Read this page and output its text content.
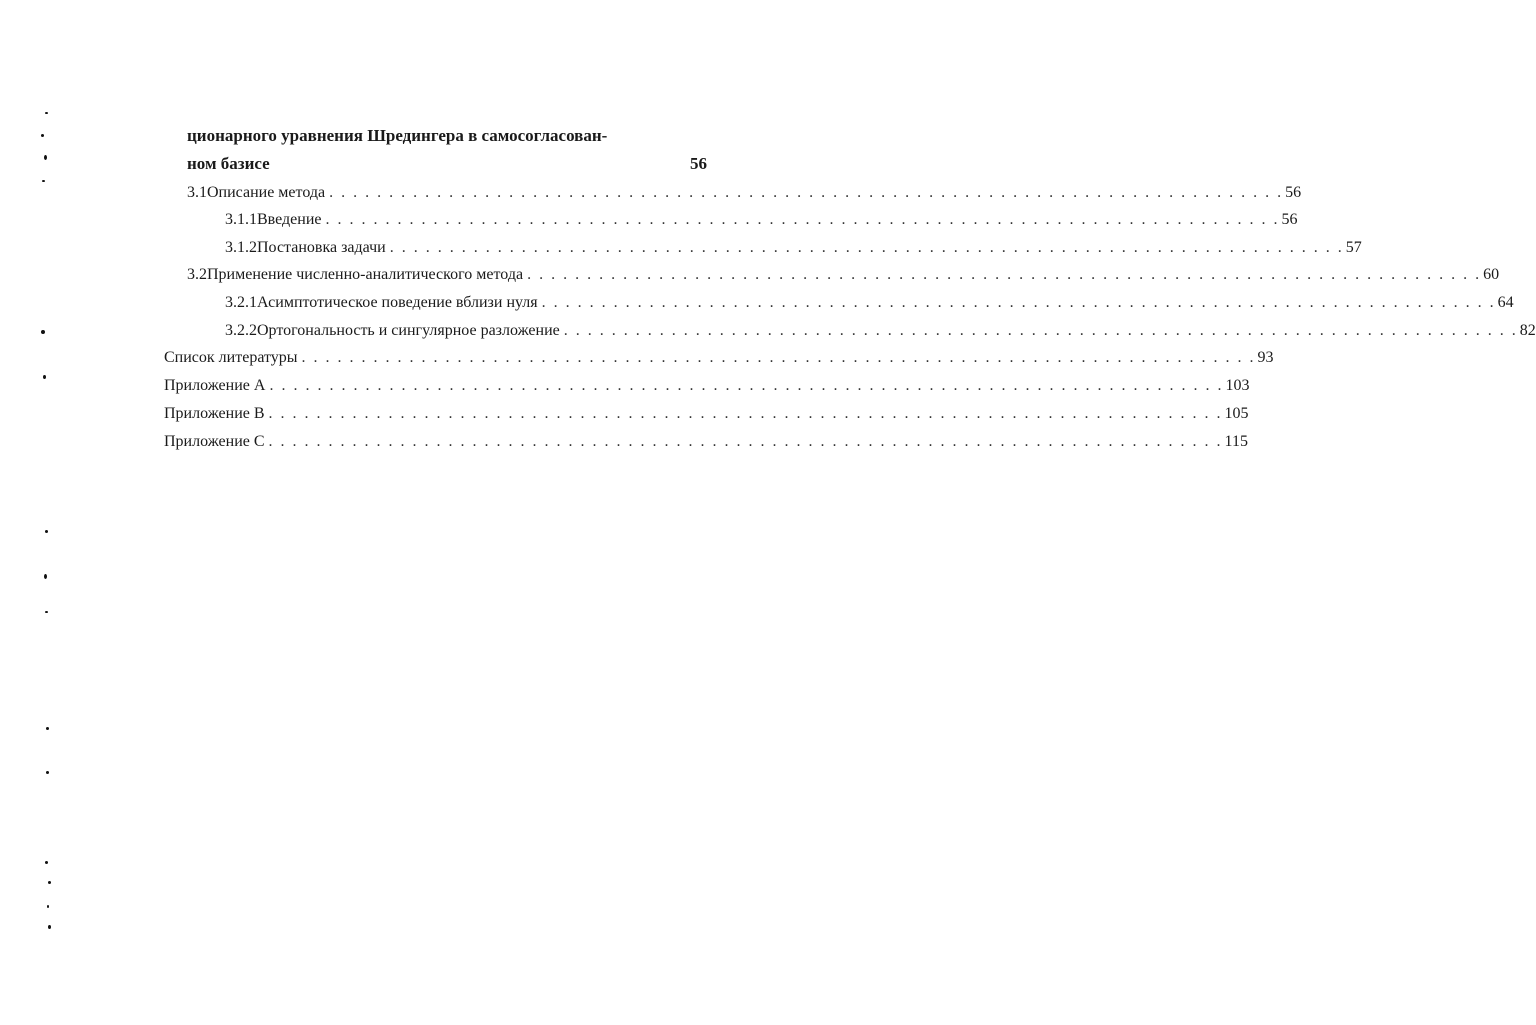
ционарного уравнения Шредингера в самосогласован-
ном базисе	56
3.1 Описание метода . . .	56
3.1.1 Введение . . .	56
3.1.2 Постановка задачи . . .	57
3.2 Применение численно-аналитического метода . . .	60
3.2.1 Асимптотическое поведение вблизи нуля . . .	64
3.2.2 Ортогональность и сингулярное разложение . . .	82
Список литературы . . .	93
Приложение А . . .	103
Приложение В . . .	105
Приложение С . . .	115
